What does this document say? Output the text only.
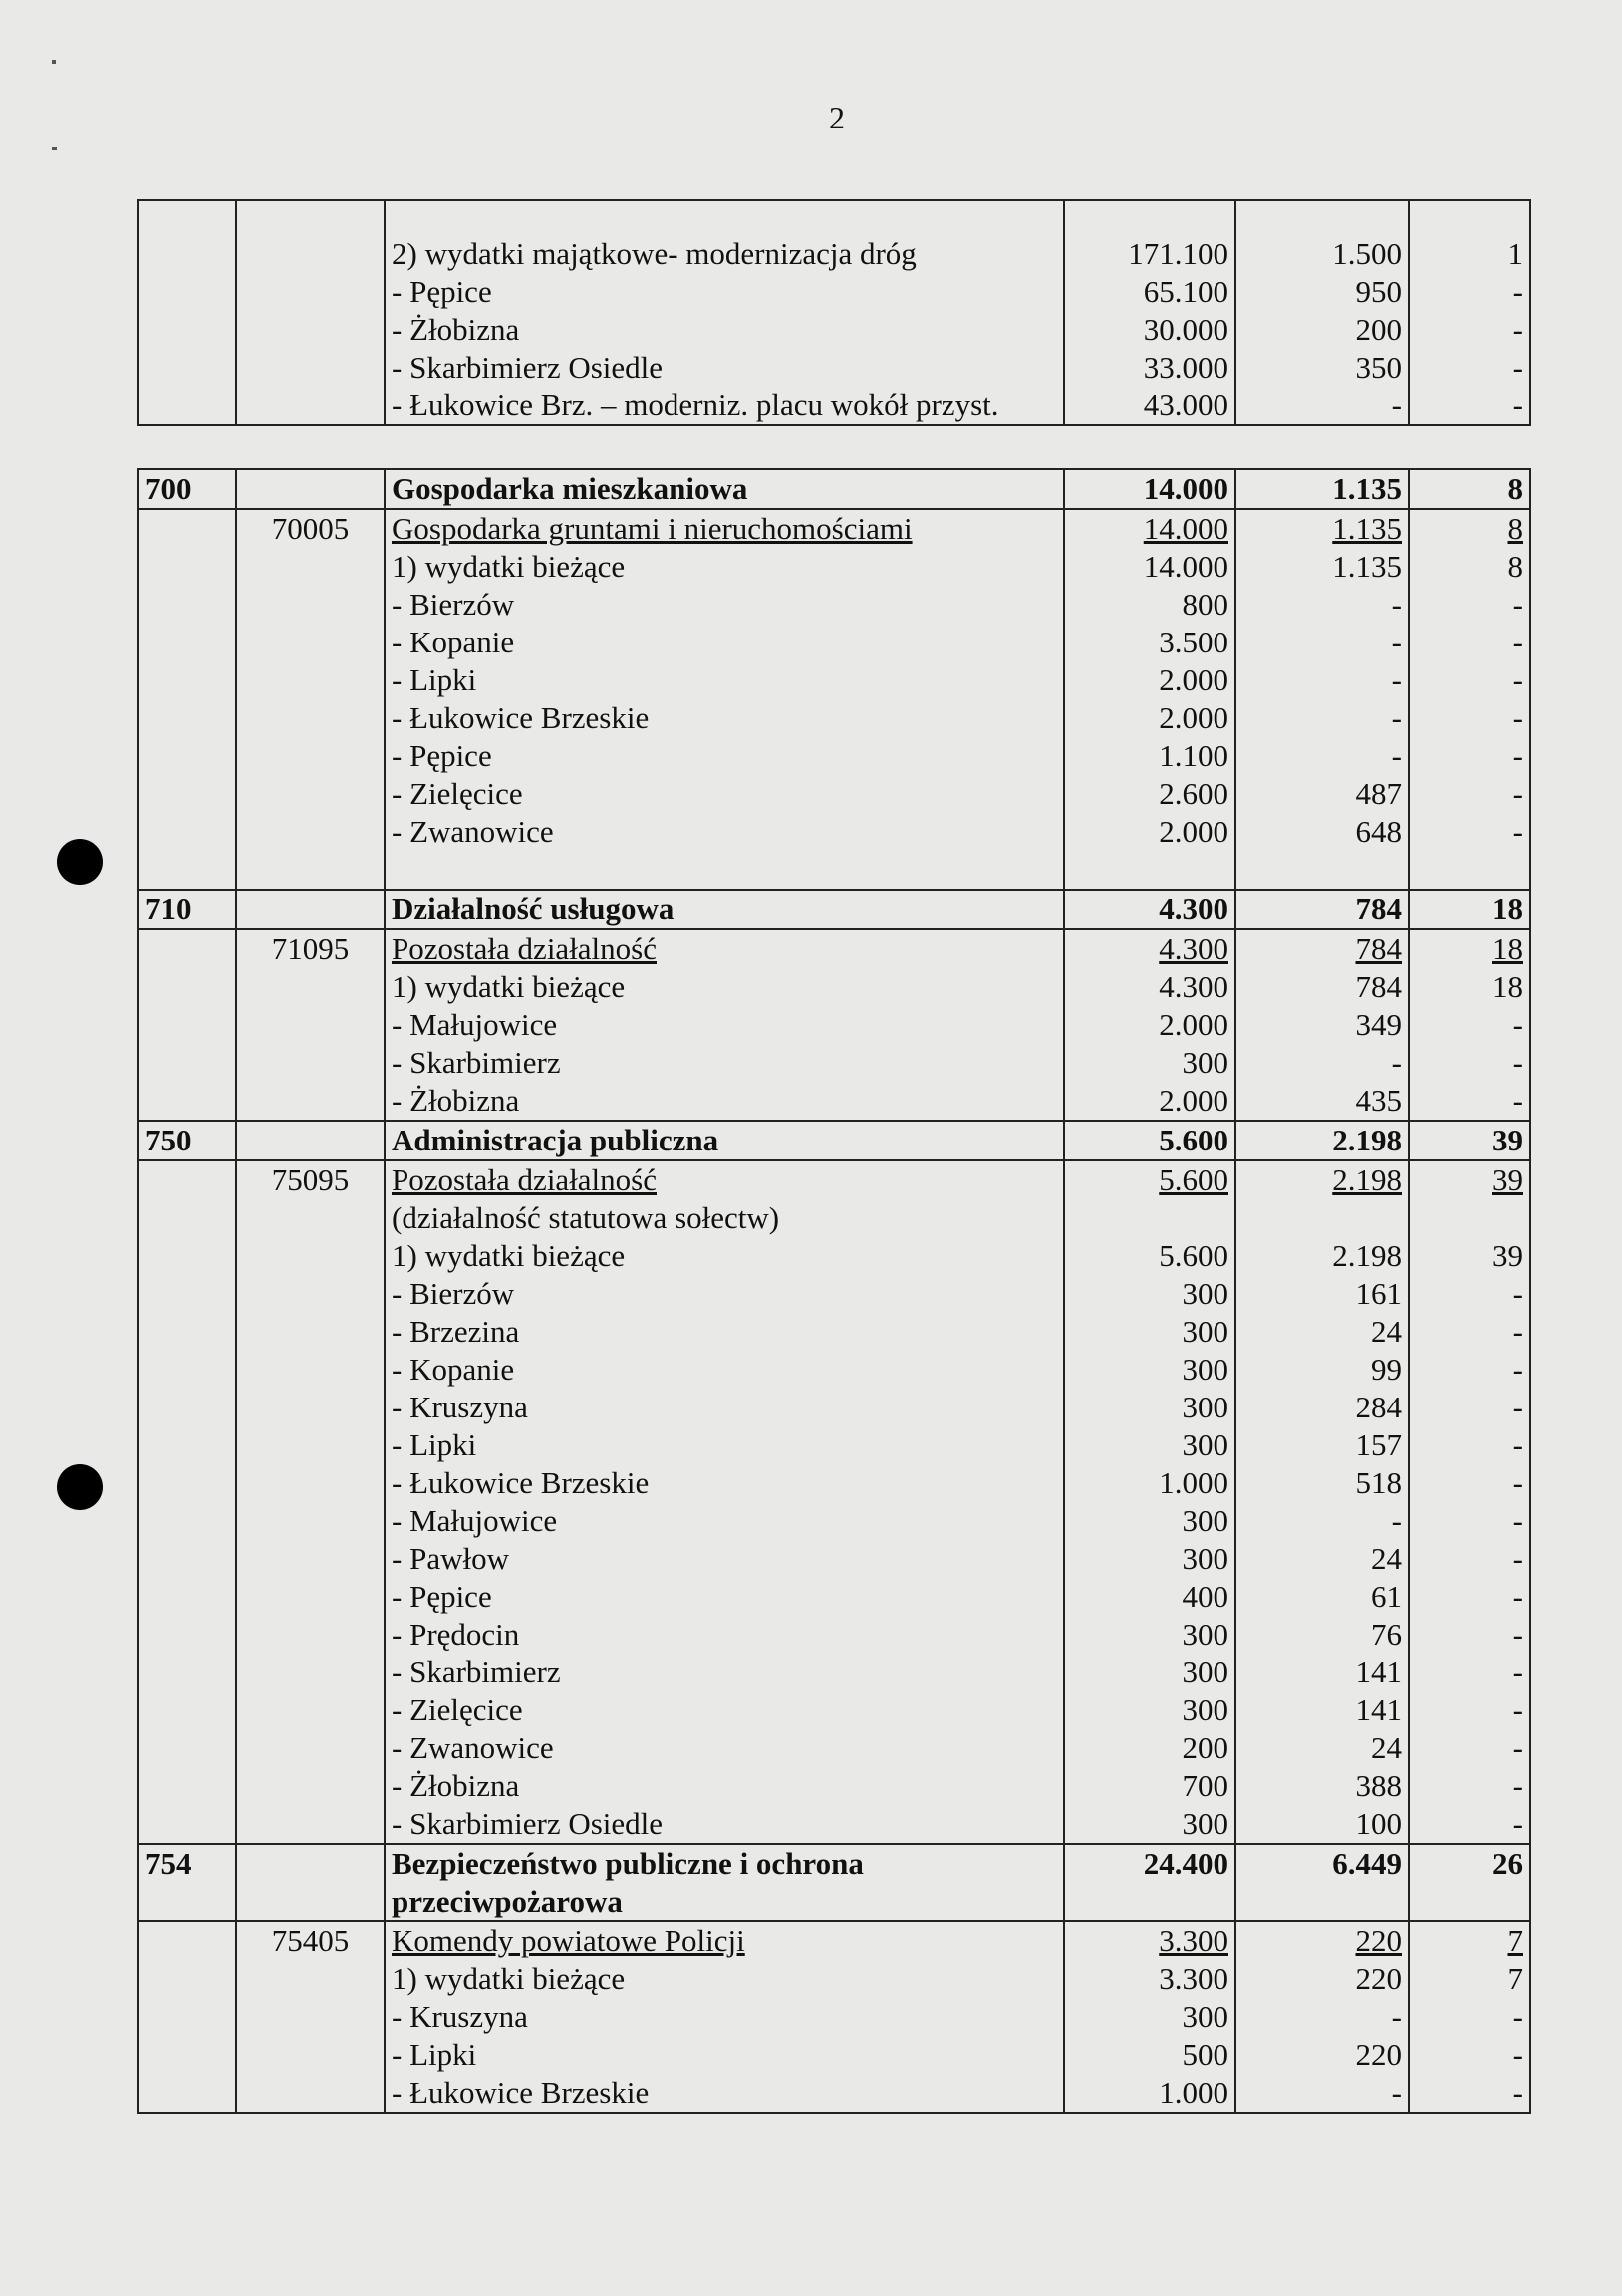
2

		2) wydatki majątkowe- modernizacja dróg	171.100	1.500	1
		- Pępice	65.100	950	-
		- Żłobizna	30.000	200	-
		- Skarbimierz Osiedle	33.000	350	-
		- Łukowice Brz. – moderniz. placu wokół przyst.	43.000	-	-
700		Gospodarka mieszkaniowa	14.000	1.135	8
	70005	Gospodarka gruntami i nieruchomościami	14.000	1.135	8
		1) wydatki bieżące	14.000	1.135	8
		- Bierzów	800	-	-
		- Kopanie	3.500	-	-
		- Lipki	2.000	-	-
		- Łukowice Brzeskie	2.000	-	-
		- Pępice	1.100	-	-
		- Zielęcice	2.600	487	-
		- Zwanowice	2.000	648	-

710		Działalność usługowa	4.300	784	18
	71095	Pozostała działalność	4.300	784	18
		1) wydatki bieżące	4.300	784	18
		- Małujowice	2.000	349	-
		- Skarbimierz	300	-	-
		- Żłobizna	2.000	435	-
750		Administracja publiczna	5.600	2.198	39
	75095	Pozostała działalność	5.600	2.198	39
		(działalność statutowa sołectw)			
		1) wydatki bieżące	5.600	2.198	39
		- Bierzów	300	161	-
		- Brzezina	300	24	-
		- Kopanie	300	99	-
		- Kruszyna	300	284	-
		- Lipki	300	157	-
		- Łukowice Brzeskie	1.000	518	-
		- Małujowice	300	-	-
		- Pawłow	300	24	-
		- Pępice	400	61	-
		- Prędocin	300	76	-
		- Skarbimierz	300	141	-
		- Zielęcice	300	141	-
		- Zwanowice	200	24	-
		- Żłobizna	700	388	-
		- Skarbimierz Osiedle	300	100	-
754		Bezpieczeństwo publiczne i ochrona
przeciwpożarowa	24.400	6.449	26
	75405	Komendy powiatowe Policji	3.300	220	7
		1) wydatki bieżące	3.300	220	7
		- Kruszyna	300	-	-
		- Lipki	500	220	-
		- Łukowice Brzeskie	1.000	-	-
